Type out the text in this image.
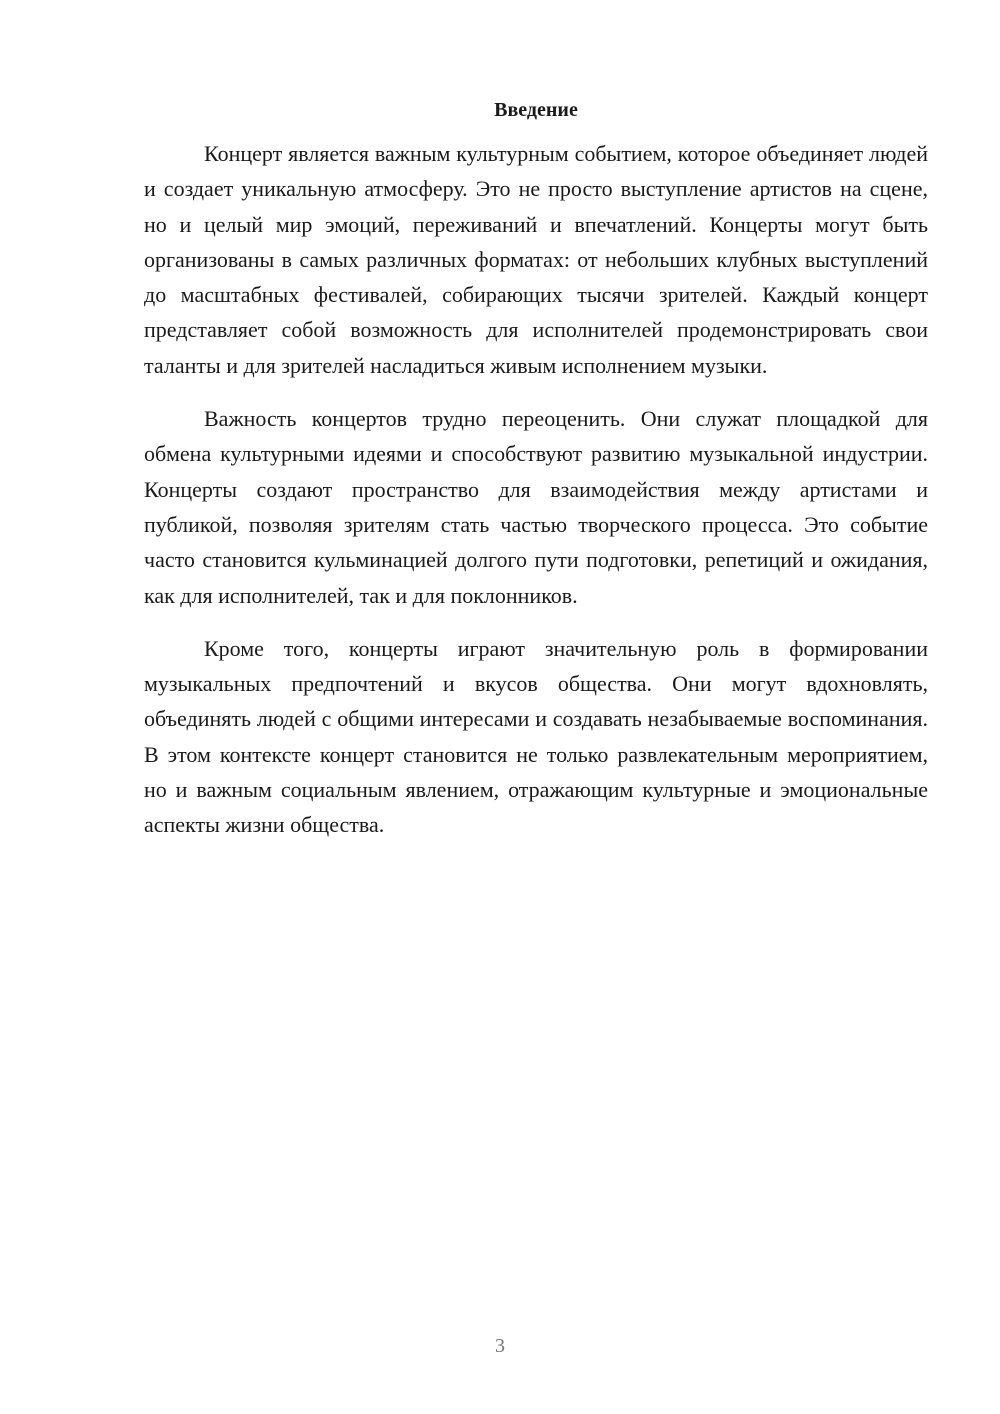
Введение

Концерт является важным культурным событием, которое объединяет людей и создает уникальную атмосферу. Это не просто выступление артистов на сцене, но и целый мир эмоций, переживаний и впечатлений. Концерты могут быть организованы в самых различных форматах: от небольших клубных выступлений до масштабных фестивалей, собирающих тысячи зрителей. Каждый концерт представляет собой возможность для исполнителей продемонстрировать свои таланты и для зрителей насладиться живым исполнением музыки.

Важность концертов трудно переоценить. Они служат площадкой для обмена культурными идеями и способствуют развитию музыкальной индустрии. Концерты создают пространство для взаимодействия между артистами и публикой, позволяя зрителям стать частью творческого процесса. Это событие часто становится кульминацией долгого пути подготовки, репетиций и ожидания, как для исполнителей, так и для поклонников.

Кроме того, концерты играют значительную роль в формировании музыкальных предпочтений и вкусов общества. Они могут вдохновлять, объединять людей с общими интересами и создавать незабываемые воспоминания. В этом контексте концерт становится не только развлекательным мероприятием, но и важным социальным явлением, отражающим культурные и эмоциональные аспекты жизни общества.

3
